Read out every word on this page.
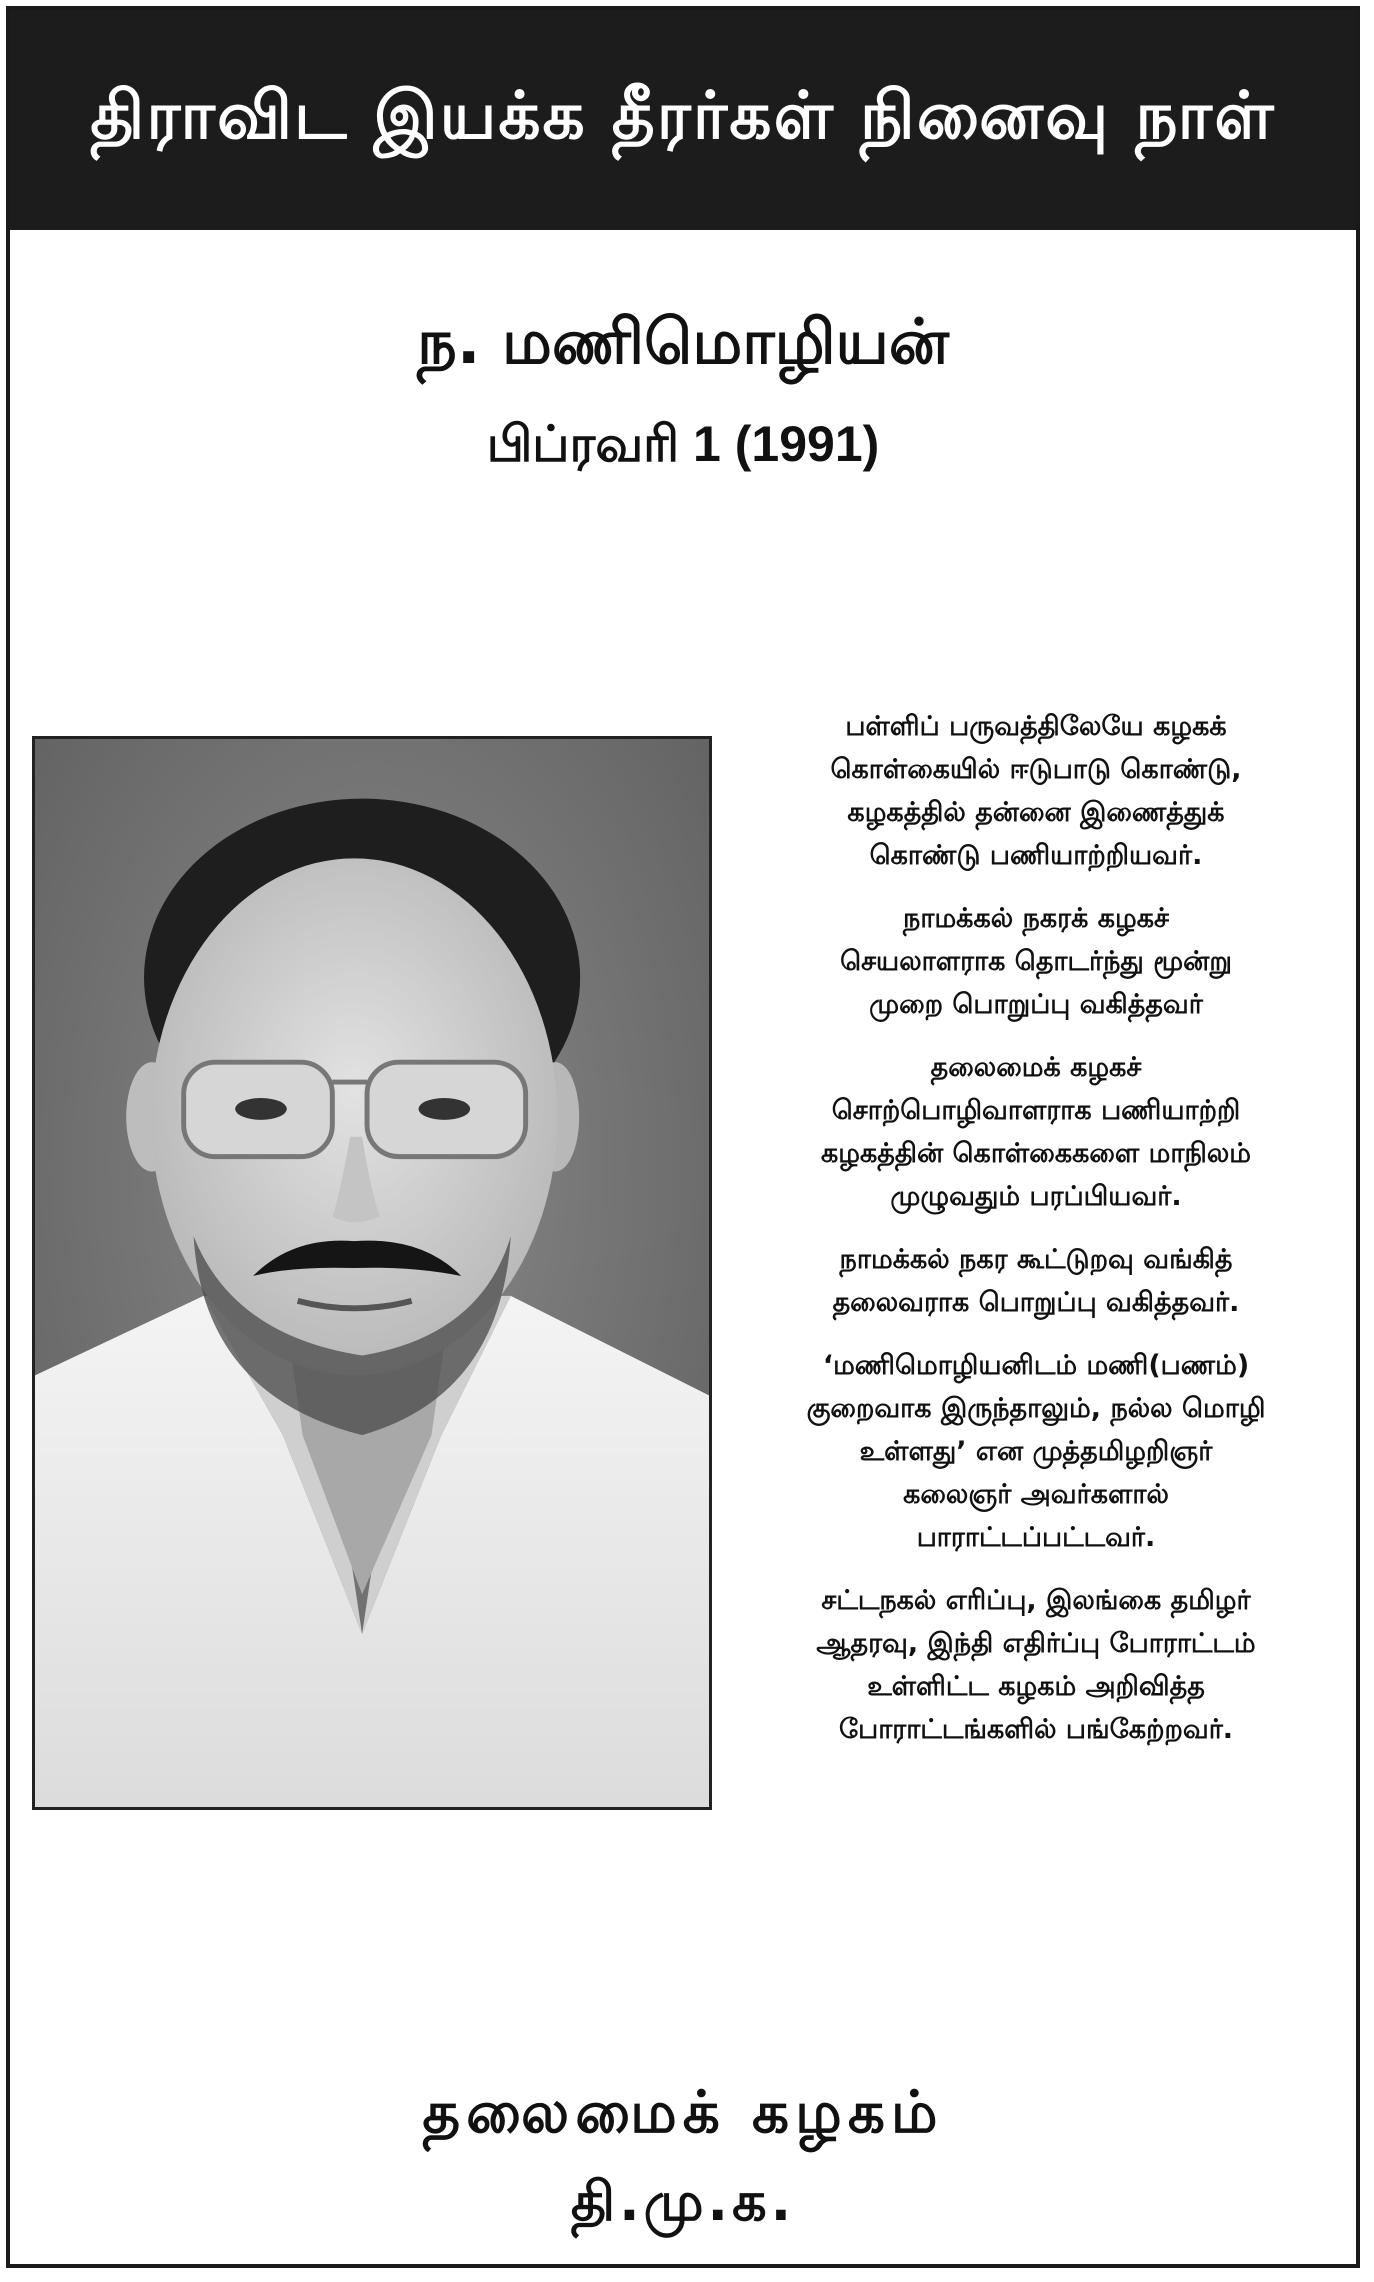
திராவிட இயக்க தீரர்கள் நினைவு நாள்
ந. மணிமொழியன்
பிப்ரவரி 1 (1991)

பள்ளிப் பருவத்திலேயே கழகக்
கொள்கையில் ஈடுபாடு கொண்டு,
கழகத்தில் தன்னை இணைத்துக்
கொண்டு பணியாற்றியவர்.

நாமக்கல் நகரக் கழகச்
செயலாளராக தொடர்ந்து மூன்று
முறை பொறுப்பு வகித்தவர்

தலைமைக் கழகச்
சொற்பொழிவாளராக பணியாற்றி
கழகத்தின் கொள்கைகளை மாநிலம்
முழுவதும் பரப்பியவர்.

நாமக்கல் நகர கூட்டுறவு வங்கித்
தலைவராக பொறுப்பு வகித்தவர்.

‘மணிமொழியனிடம் மணி(பணம்)
குறைவாக இருந்தாலும், நல்ல மொழி
உள்ளது’ என முத்தமிழறிஞர்
கலைஞர் அவர்களால்
பாராட்டப்பட்டவர்.

சட்டநகல் எரிப்பு, இலங்கை தமிழர்
ஆதரவு, இந்தி எதிர்ப்பு போராட்டம்
உள்ளிட்ட கழகம் அறிவித்த
போராட்டங்களில் பங்கேற்றவர்.

தலைமைக் கழகம்
தி.மு.க.
